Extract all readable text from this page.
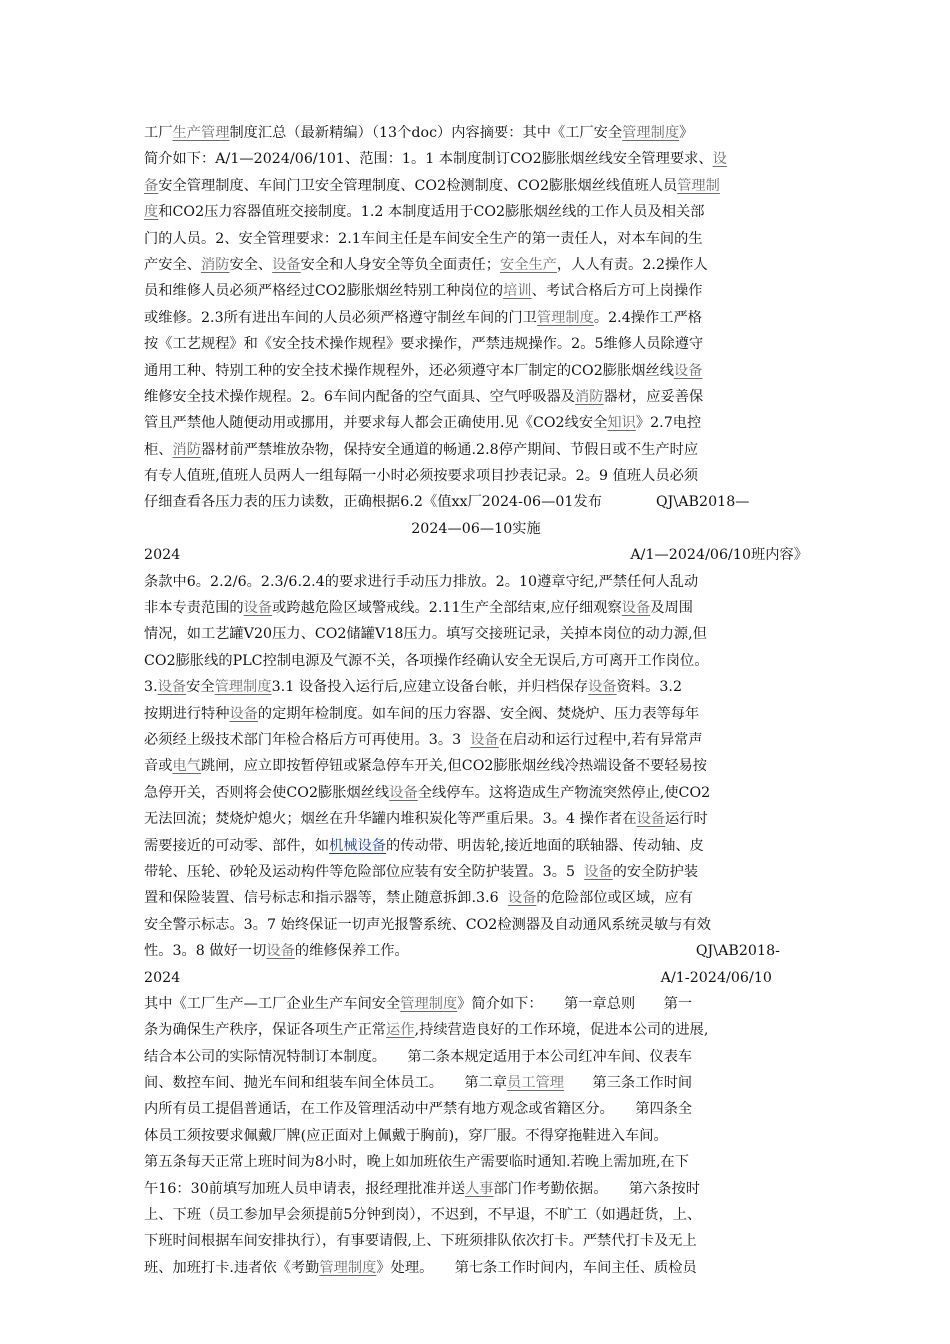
工厂生产管理制度汇总（最新精编）（13个doc）内容摘要：其中《工厂安全管理制度》
简介如下：A/1—2024/06/101、范围：1。1 本制度制订CO2膨胀烟丝线安全管理要求、设
备安全管理制度、车间门卫安全管理制度、CO2检测制度、CO2膨胀烟丝线值班人员管理制
度和CO2压力容器值班交接制度。1.2 本制度适用于CO2膨胀烟丝线的工作人员及相关部
门的人员。2、安全管理要求：2.1车间主任是车间安全生产的第一责任人，对本车间的生
产安全、消防安全、设备安全和人身安全等负全面责任；安全生产，人人有责。2.2操作人
员和维修人员必须严格经过CO2膨胀烟丝特别工种岗位的培训、考试合格后方可上岗操作
或维修。2.3所有进出车间的人员必须严格遵守制丝车间的门卫管理制度。2.4操作工严格
按《工艺规程》和《安全技术操作规程》要求操作，严禁违规操作。2。5维修人员除遵守
通用工种、特别工种的安全技术操作规程外，还必须遵守本厂制定的CO2膨胀烟丝线设备
维修安全技术操作规程。2。6车间内配备的空气面具、空气呼吸器及消防器材，应妥善保
管且严禁他人随便动用或挪用，并要求每人都会正确使用.见《CO2线安全知识》2.7电控
柜、消防器材前严禁堆放杂物，保持安全通道的畅通.2.8停产期间、节假日或不生产时应
有专人值班,值班人员两人一组每隔一小时必须按要求项目抄表记录。2。9 值班人员必须
仔细查看各压力表的压力读数，正确根据6.2《值xx厂2024-06—01发布	QJ\AB2018—
2024—06—10实施
2024	A/1—2024/06/10班内容》
条款中6。2.2/6。2.3/6.2.4的要求进行手动压力排放。2。10遵章守纪,严禁任何人乱动
非本专责范围的设备或跨越危险区域警戒线。2.11生产全部结束,应仔细观察设备及周围
情况，如工艺罐V20压力、CO2储罐V18压力。填写交接班记录，关掉本岗位的动力源,但
CO2膨胀线的PLC控制电源及气源不关，各项操作经确认安全无误后,方可离开工作岗位。
3.设备安全管理制度3.1 设备投入运行后,应建立设备台帐，并归档保存设备资料。3.2
按期进行特种设备的定期年检制度。如车间的压力容器、安全阀、焚烧炉、压力表等每年
必须经上级技术部门年检合格后方可再使用。3。3 设备在启动和运行过程中,若有异常声
音或电气跳闸，应立即按暂停钮或紧急停车开关,但CO2膨胀烟丝线冷热端设备不要轻易按
急停开关，否则将会使CO2膨胀烟丝线设备全线停车。这将造成生产物流突然停止,使CO2
无法回流；焚烧炉熄火；烟丝在升华罐内堆积炭化等严重后果。3。4 操作者在设备运行时
需要接近的可动零、部件，如机械设备的传动带、明齿轮,接近地面的联轴器、传动轴、皮
带轮、压轮、砂轮及运动构件等危险部位应装有安全防护装置。3。5 设备的安全防护装
置和保险装置、信号标志和指示器等，禁止随意拆卸.3.6 设备的危险部位或区域，应有
安全警示标志。3。7 始终保证一切声光报警系统、CO2检测器及自动通风系统灵敏与有效
性。3。8 做好一切设备的维修保养工作。	QJ\AB2018-
2024	A/1-2024/06/10
其中《工厂生产—工厂企业生产车间安全管理制度》简介如下：　　第一章总则　　第一
条为确保生产秩序，保证各项生产正常运作,持续营造良好的工作环境，促进本公司的进展,
结合本公司的实际情况特制订本制度。　　第二条本规定适用于本公司红冲车间、仪表车
间、数控车间、抛光车间和组装车间全体员工。　　第二章员工管理　　第三条工作时间
内所有员工提倡普通话，在工作及管理活动中严禁有地方观念或省籍区分。　　第四条全
体员工须按要求佩戴厂牌(应正面对上佩戴于胸前)，穿厂服。不得穿拖鞋进入车间。
第五条每天正常上班时间为8小时，晚上如加班依生产需要临时通知.若晚上需加班,在下
午16：30前填写加班人员申请表，报经理批准并送人事部门作考勤依据。　　第六条按时
上、下班（员工参加早会须提前5分钟到岗），不迟到，不早退，不旷工（如遇赶货，上、
下班时间根据车间安排执行），有事要请假,上、下班须排队依次打卡。严禁代打卡及无上
班、加班打卡.违者依《考勤管理制度》处理。　　第七条工作时间内，车间主任、质检员
